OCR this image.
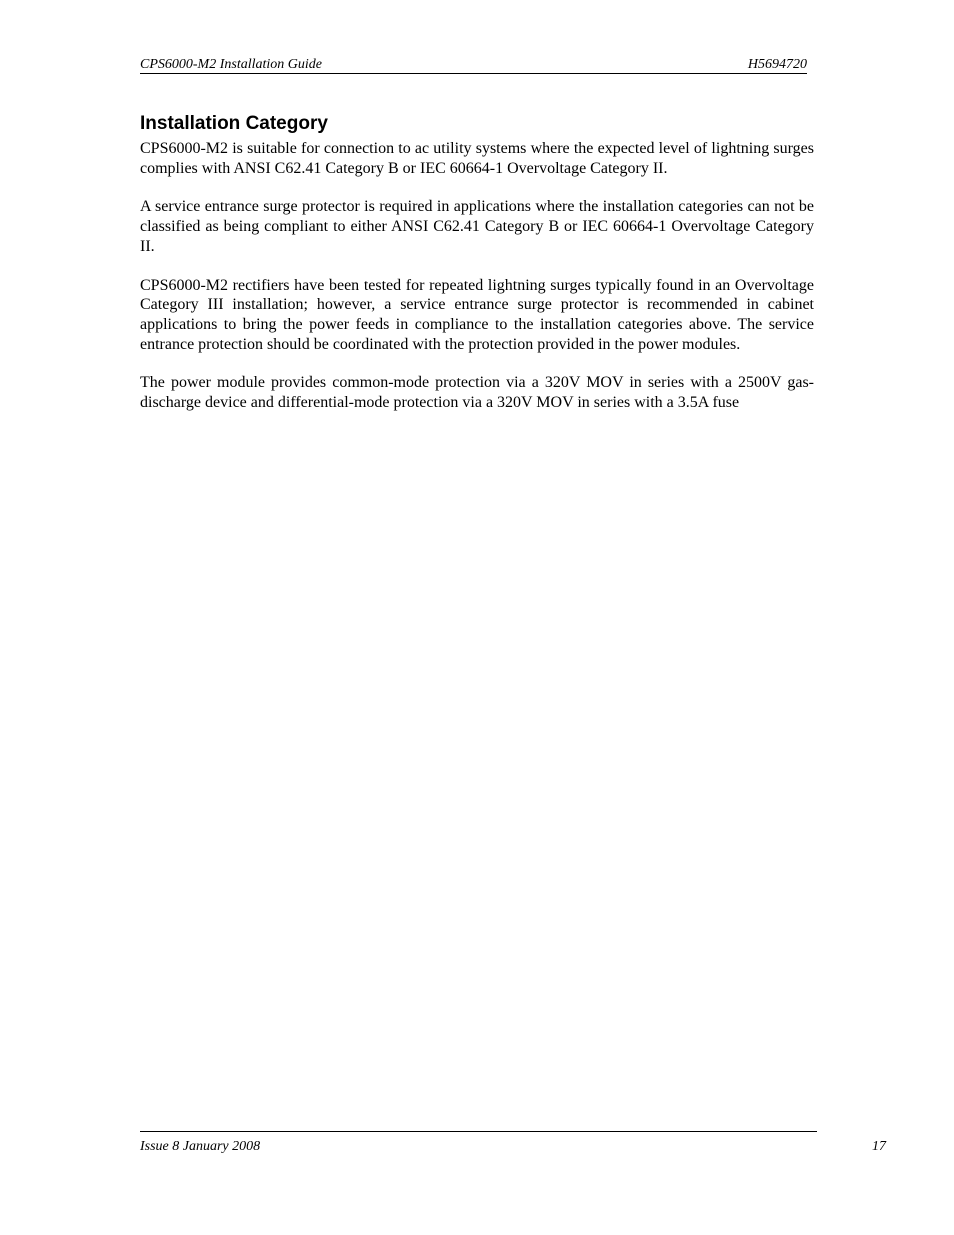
CPS6000-M2 Installation Guide	H5694720
Installation Category

CPS6000-M2 is suitable for connection to ac utility systems where the expected level of lightning surges complies with ANSI C62.41 Category B or IEC 60664-1 Overvoltage Category II.

A service entrance surge protector is required in applications where the installation categories can not be classified as being compliant to either ANSI C62.41 Category B or IEC 60664-1 Overvoltage Category II.

CPS6000-M2 rectifiers have been tested for repeated lightning surges typically found in an Overvoltage Category III installation; however, a service entrance surge protector is recommended in cabinet applications to bring the power feeds in compliance to the installation categories above. The service entrance protection should be coordinated with the protection provided in the power modules.

The power module provides common-mode protection via a 320V MOV in series with a 2500V gas-discharge device and differential-mode protection via a 320V MOV in series with a 3.5A fuse

Issue 8 January 2008	17
